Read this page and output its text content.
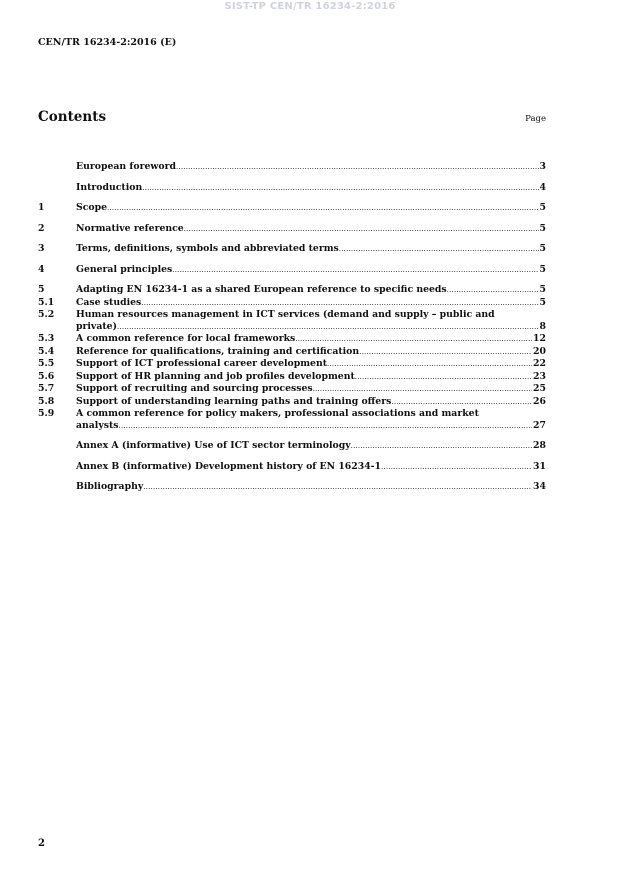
SIST-TP CEN/TR 16234-2:2016
CEN/TR 16234-2:2016 (E)
Contents	Page
European foreword .....	3
Introduction .....	4
1	Scope .....	5
2	Normative reference .....	5
3	Terms, definitions, symbols and abbreviated terms .....	5
4	General principles .....	5
5	Adapting EN 16234-1 as a shared European reference to specific needs .....	5
5.1	Case studies .....	5
5.2	Human resources management in ICT services (demand and supply – public and
private) .....	8
5.3	A common reference for local frameworks .....	12
5.4	Reference for qualifications, training and certification .....	20
5.5	Support of ICT professional career development .....	22
5.6	Support of HR planning and job profiles development .....	23
5.7	Support of recruiting and sourcing processes .....	25
5.8	Support of understanding learning paths and training offers .....	26
5.9	A common reference for policy makers, professional associations and market
analysts .....	27
Annex A (informative) Use of ICT sector terminology .....	28
Annex B (informative) Development history of EN 16234-1 .....	31
Bibliography .....	34
2
